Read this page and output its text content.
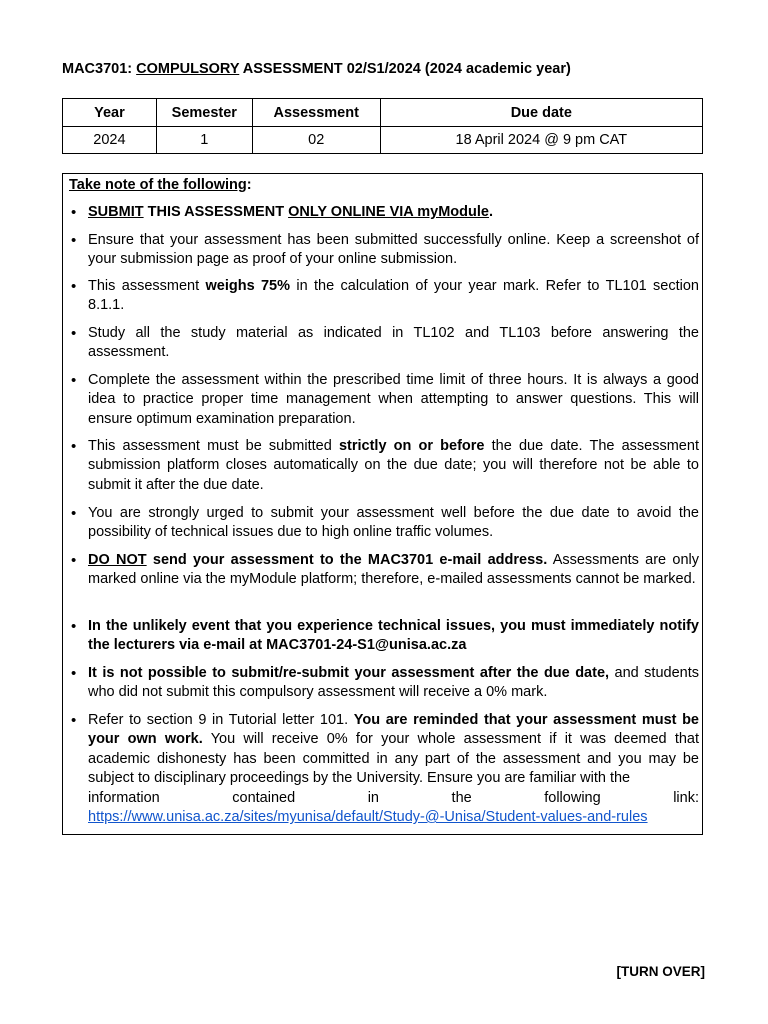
MAC3701: COMPULSORY ASSESSMENT 02/S1/2024 (2024 academic year)
Year	Semester	Assessment	Due date
2024	1	02	18 April 2024 @ 9 pm CAT
Take note of the following:
• SUBMIT THIS ASSESSMENT ONLY ONLINE VIA myModule.
• Ensure that your assessment has been submitted successfully online. Keep a screenshot of your submission page as proof of your online submission.
• This assessment weighs 75% in the calculation of your year mark. Refer to TL101 section 8.1.1.
• Study all the study material as indicated in TL102 and TL103 before answering the assessment.
• Complete the assessment within the prescribed time limit of three hours. It is always a good idea to practice proper time management when attempting to answer questions. This will ensure optimum examination preparation.
• This assessment must be submitted strictly on or before the due date. The assessment submission platform closes automatically on the due date; you will therefore not be able to submit it after the due date.
• You are strongly urged to submit your assessment well before the due date to avoid the possibility of technical issues due to high online traffic volumes.
• DO NOT send your assessment to the MAC3701 e-mail address. Assessments are only marked online via the myModule platform; therefore, e-mailed assessments cannot be marked.
• In the unlikely event that you experience technical issues, you must immediately notify the lecturers via e-mail at MAC3701-24-S1@unisa.ac.za
• It is not possible to submit/re-submit your assessment after the due date, and students who did not submit this compulsory assessment will receive a 0% mark.
• Refer to section 9 in Tutorial letter 101. You are reminded that your assessment must be your own work. You will receive 0% for your whole assessment if it was deemed that academic dishonesty has been committed in any part of the assessment and you may be subject to disciplinary proceedings by the University. Ensure you are familiar with the
information contained in the following link:
https://www.unisa.ac.za/sites/myunisa/default/Study-@-Unisa/Student-values-and-rules
[TURN OVER]
